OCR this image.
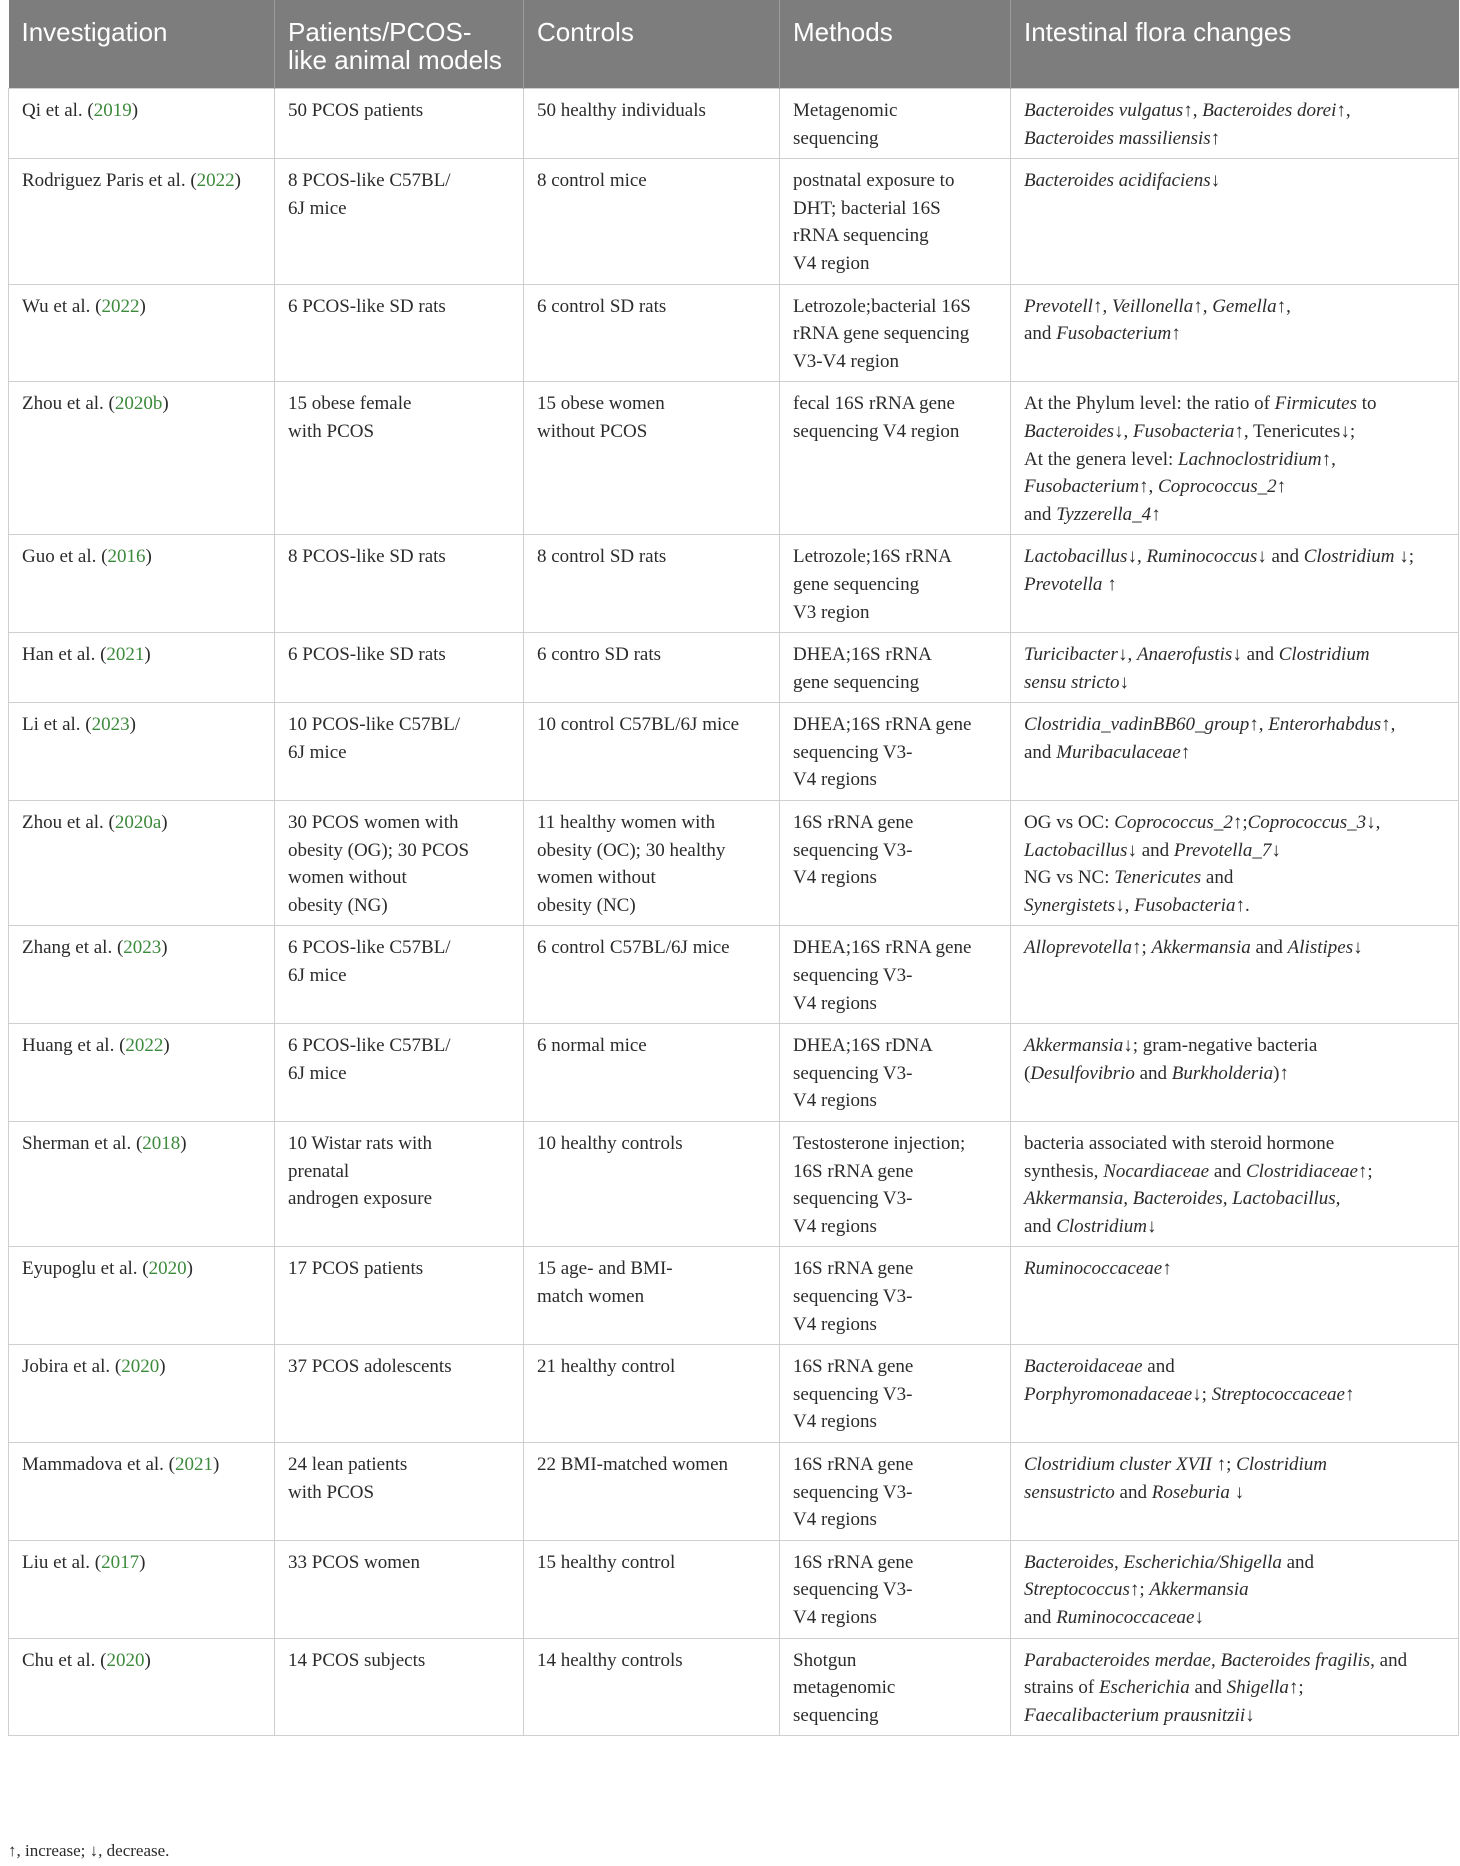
Investigation	Patients/PCOS-
like animal models	Controls	Methods	Intestinal flora changes

Qi et al. (2019)	50 PCOS patients	50 healthy individuals	Metagenomic
sequencing	Bacteroides vulgatus↑, Bacteroides dorei↑,
Bacteroides massiliensis↑

Rodriguez Paris et al. (2022)	8 PCOS-like C57BL/
6J mice	8 control mice	postnatal exposure to
DHT; bacterial 16S
rRNA sequencing
V4 region	Bacteroides acidifaciens↓

Wu et al. (2022)	6 PCOS-like SD rats	6 control SD rats	Letrozole;bacterial 16S
rRNA gene sequencing
V3-V4 region	Prevotell↑, Veillonella↑, Gemella↑,
and Fusobacterium↑

Zhou et al. (2020b)	15 obese female
with PCOS	15 obese women
without PCOS	fecal 16S rRNA gene
sequencing V4 region	At the Phylum level: the ratio of Firmicutes to
Bacteroides↓, Fusobacteria↑, Tenericutes↓;
At the genera level: Lachnoclostridium↑,
Fusobacterium↑, Coprococcus_2↑
and Tyzzerella_4↑

Guo et al. (2016)	8 PCOS-like SD rats	8 control SD rats	Letrozole;16S rRNA
gene sequencing
V3 region	Lactobacillus↓, Ruminococcus↓ and Clostridium ↓;
Prevotella ↑

Han et al. (2021)	6 PCOS-like SD rats	6 contro SD rats	DHEA;16S rRNA
gene sequencing	Turicibacter↓, Anaerofustis↓ and Clostridium
sensu stricto↓

Li et al. (2023)	10 PCOS-like C57BL/
6J mice	10 control C57BL/6J mice	DHEA;16S rRNA gene
sequencing V3-
V4 regions	Clostridia_vadinBB60_group↑, Enterorhabdus↑,
and Muribaculaceae↑

Zhou et al. (2020a)	30 PCOS women with
obesity (OG); 30 PCOS
women without
obesity (NG)	11 healthy women with
obesity (OC); 30 healthy
women without
obesity (NC)	16S rRNA gene
sequencing V3-
V4 regions	OG vs OC: Coprococcus_2↑;Coprococcus_3↓,
Lactobacillus↓ and Prevotella_7↓
NG vs NC: Tenericutes and
Synergistets↓, Fusobacteria↑.

Zhang et al. (2023)	6 PCOS-like C57BL/
6J mice	6 control C57BL/6J mice	DHEA;16S rRNA gene
sequencing V3-
V4 regions	Alloprevotella↑; Akkermansia and Alistipes↓

Huang et al. (2022)	6 PCOS-like C57BL/
6J mice	6 normal mice	DHEA;16S rDNA
sequencing V3-
V4 regions	Akkermansia↓; gram-negative bacteria
(Desulfovibrio and Burkholderia)↑

Sherman et al. (2018)	10 Wistar rats with
prenatal
androgen exposure	10 healthy controls	Testosterone injection;
16S rRNA gene
sequencing V3-
V4 regions	bacteria associated with steroid hormone
synthesis, Nocardiaceae and Clostridiaceae↑;
Akkermansia, Bacteroides, Lactobacillus,
and Clostridium↓

Eyupoglu et al. (2020)	17 PCOS patients	15 age- and BMI-
match women	16S rRNA gene
sequencing V3-
V4 regions	Ruminococcaceae↑

Jobira et al. (2020)	37 PCOS adolescents	21 healthy control	16S rRNA gene
sequencing V3-
V4 regions	Bacteroidaceae and
Porphyromonadaceae↓; Streptococcaceae↑

Mammadova et al. (2021)	24 lean patients
with PCOS	22 BMI-matched women	16S rRNA gene
sequencing V3-
V4 regions	Clostridium cluster XVII ↑; Clostridium
sensustricto and Roseburia ↓

Liu et al. (2017)	33 PCOS women	15 healthy control	16S rRNA gene
sequencing V3-
V4 regions	Bacteroides, Escherichia/Shigella and
Streptococcus↑; Akkermansia
and Ruminococcaceae↓

Chu et al. (2020)	14 PCOS subjects	14 healthy controls	Shotgun
metagenomic
sequencing	Parabacteroides merdae, Bacteroides fragilis, and
strains of Escherichia and Shigella↑;
Faecalibacterium prausnitzii↓
↑, increase; ↓, decrease.
